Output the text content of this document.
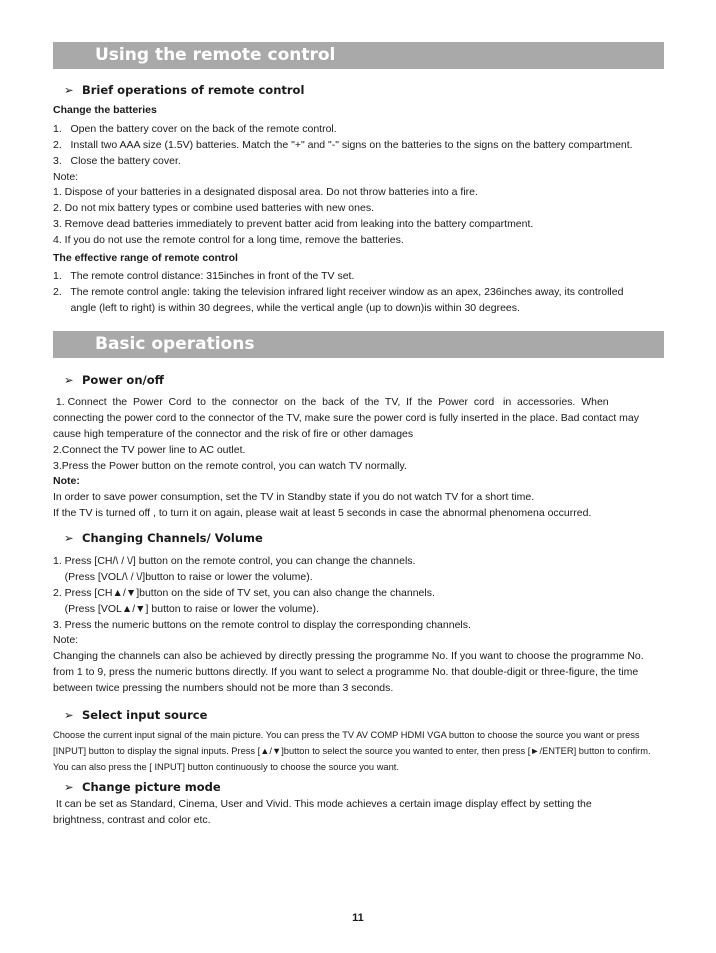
Using the remote control
➢ Brief operations of remote control
Change the batteries
1.   Open the battery cover on the back of the remote control.
2.   Install two AAA size (1.5V) batteries. Match the "+" and "-" signs on the batteries to the signs on the battery compartment.
3.   Close the battery cover.
Note:
1. Dispose of your batteries in a designated disposal area. Do not throw batteries into a fire.
2. Do not mix battery types or combine used batteries with new ones.
3. Remove dead batteries immediately to prevent batter acid from leaking into the battery compartment.
4. If you do not use the remote control for a long time, remove the batteries.
The effective range of remote control
1.   The remote control distance: 315inches in front of the TV set.
2.   The remote control angle: taking the television infrared light receiver window as an apex, 236inches away, its controlled
angle (left to right) is within 30 degrees, while the vertical angle (up to down)is within 30 degrees.
Basic operations
➢ Power on/off
1. Connect  the  Power  Cord  to  the  connector  on  the  back  of  the  TV,  If  the  Power  cord   in  accessories.  When
connecting the power cord to the connector of the TV, make sure the power cord is fully inserted in the place. Bad contact may
cause high temperature of the connector and the risk of fire or other damages
2.Connect the TV power line to AC outlet.
3.Press the Power button on the remote control, you can watch TV normally.
Note:
In order to save power consumption, set the TV in Standby state if you do not watch TV for a short time.
If the TV is turned off , to turn it on again, please wait at least 5 seconds in case the abnormal phenomena occurred.
➢ Changing Channels/ Volume
1. Press [CH/\ / \/] button on the remote control, you can change the channels.
(Press [VOL/\ / \/]button to raise or lower the volume).
2. Press [CH▲/▼]button on the side of TV set, you can also change the channels.
(Press [VOL▲/▼] button to raise or lower the volume).
3. Press the numeric buttons on the remote control to display the corresponding channels.
Note:
Changing the channels can also be achieved by directly pressing the programme No. If you want to choose the programme No.
from 1 to 9, press the numeric buttons directly. If you want to select a programme No. that double-digit or three-figure, the time
between twice pressing the numbers should not be more than 3 seconds.
➢ Select input source
Choose the current input signal of the main picture. You can press the TV AV COMP HDMI VGA button to choose the source you want or press
[INPUT] button to display the signal inputs. Press [▲/▼]button to select the source you wanted to enter, then press [►/ENTER] button to confirm.
You can also press the [ INPUT] button continuously to choose the source you want.
➢ Change picture mode
It can be set as Standard, Cinema, User and Vivid. This mode achieves a certain image display effect by setting the
brightness, contrast and color etc.
11
